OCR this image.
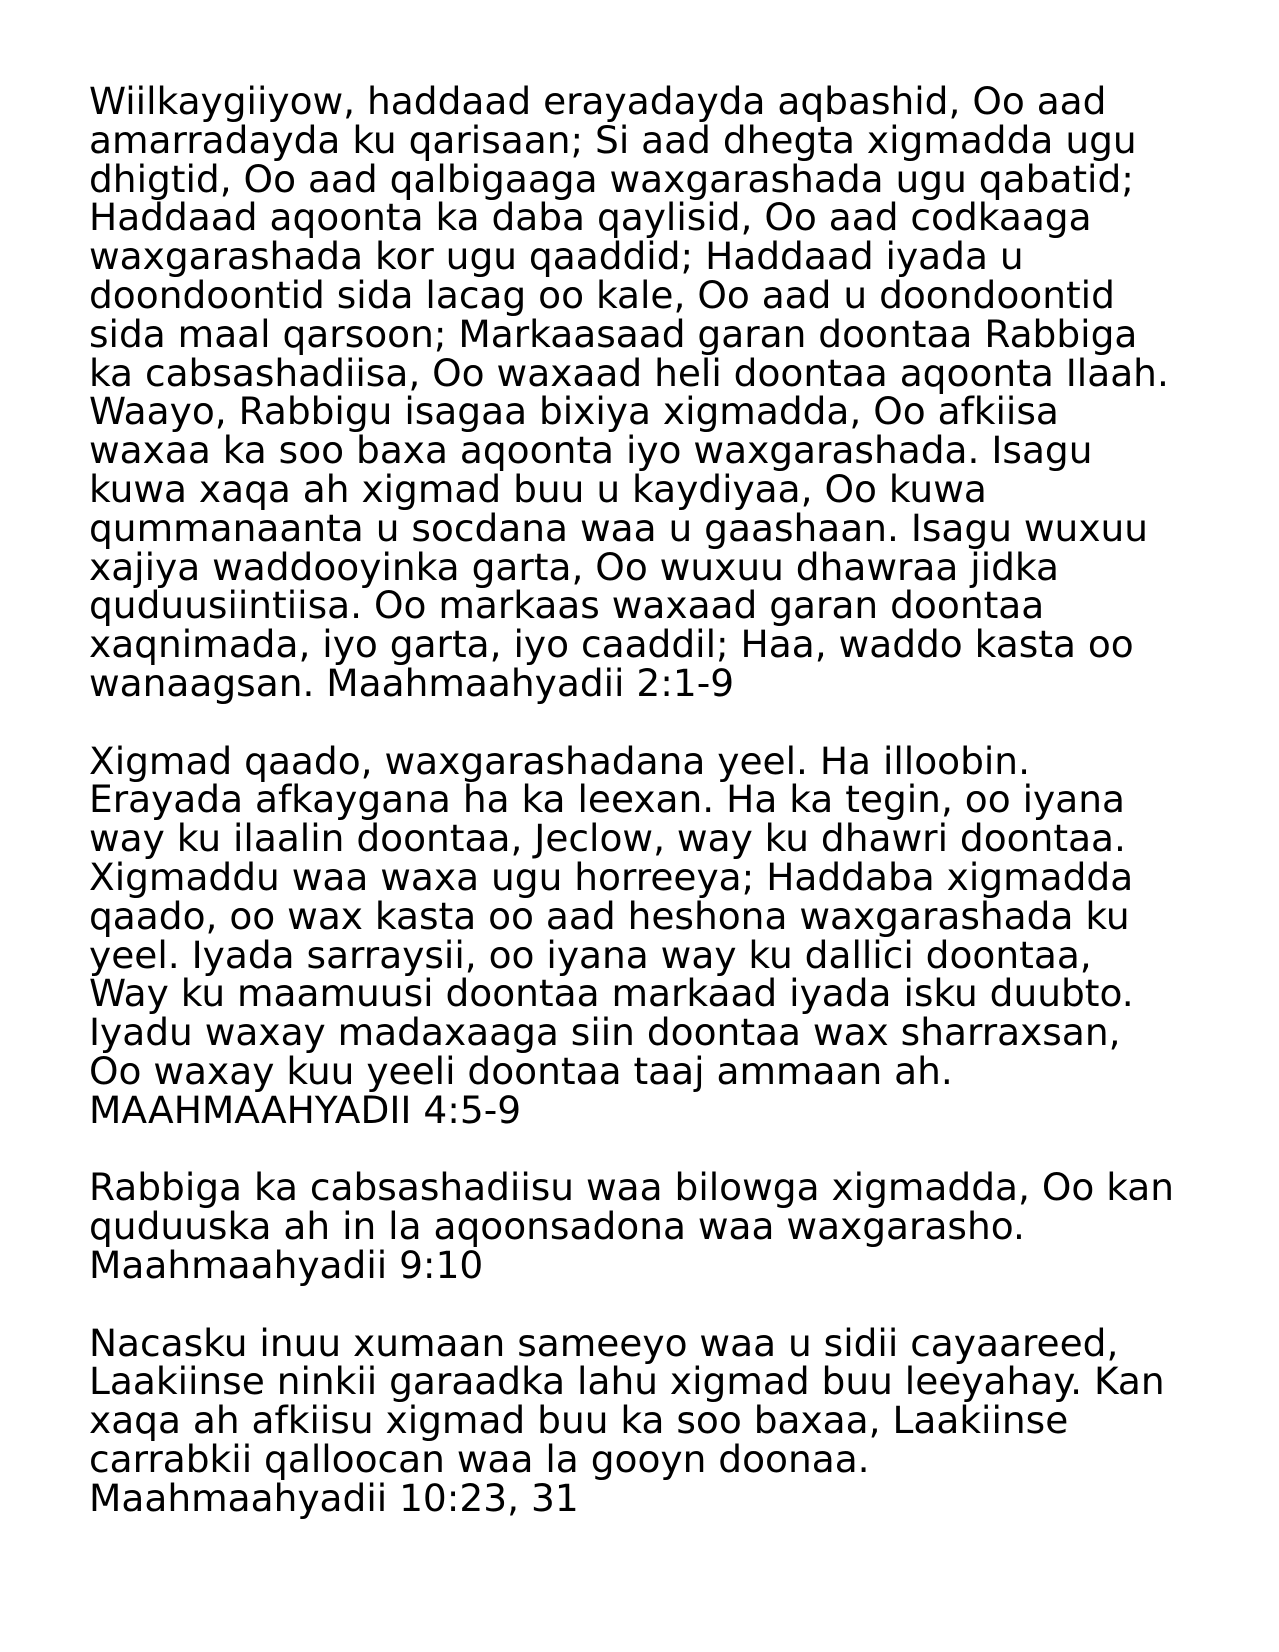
Wiilkaygiiyow, haddaad erayadayda aqbashid, Oo aad
amarradayda ku qarisaan; Si aad dhegta xigmadda ugu
dhigtid, Oo aad qalbigaaga waxgarashada ugu qabatid;
Haddaad aqoonta ka daba qaylisid, Oo aad codkaaga
waxgarashada kor ugu qaaddid; Haddaad iyada u
doondoontid sida lacag oo kale, Oo aad u doondoontid
sida maal qarsoon; Markaasaad garan doontaa Rabbiga
ka cabsashadiisa, Oo waxaad heli doontaa aqoonta Ilaah.
Waayo, Rabbigu isagaa bixiya xigmadda, Oo afkiisa
waxaa ka soo baxa aqoonta iyo waxgarashada. Isagu
kuwa xaqa ah xigmad buu u kaydiyaa, Oo kuwa
qummanaanta u socdana waa u gaashaan. Isagu wuxuu
xajiya waddooyinka garta, Oo wuxuu dhawraa jidka
quduusiintiisa. Oo markaas waxaad garan doontaa
xaqnimada, iyo garta, iyo caaddil; Haa, waddo kasta oo
wanaagsan. Maahmaahyadii 2:1-9
Xigmad qaado, waxgarashadana yeel. Ha illoobin.
Erayada afkaygana ha ka leexan. Ha ka tegin, oo iyana
way ku ilaalin doontaa, Jeclow, way ku dhawri doontaa.
Xigmaddu waa waxa ugu horreeya; Haddaba xigmadda
qaado, oo wax kasta oo aad heshona waxgarashada ku
yeel. Iyada sarraysii, oo iyana way ku dallici doontaa,
Way ku maamuusi doontaa markaad iyada isku duubto.
Iyadu waxay madaxaaga siin doontaa wax sharraxsan,
Oo waxay kuu yeeli doontaa taaj ammaan ah.
MAAHMAAHYADII 4:5-9
Rabbiga ka cabsashadiisu waa bilowga xigmadda, Oo kan
quduuska ah in la aqoonsadona waa waxgarasho.
Maahmaahyadii 9:10
Nacasku inuu xumaan sameeyo waa u sidii cayaareed,
Laakiinse ninkii garaadka lahu xigmad buu leeyahay. Kan
xaqa ah afkiisu xigmad buu ka soo baxaa, Laakiinse
carrabkii qalloocan waa la gooyn doonaa.
Maahmaahyadii 10:23, 31
